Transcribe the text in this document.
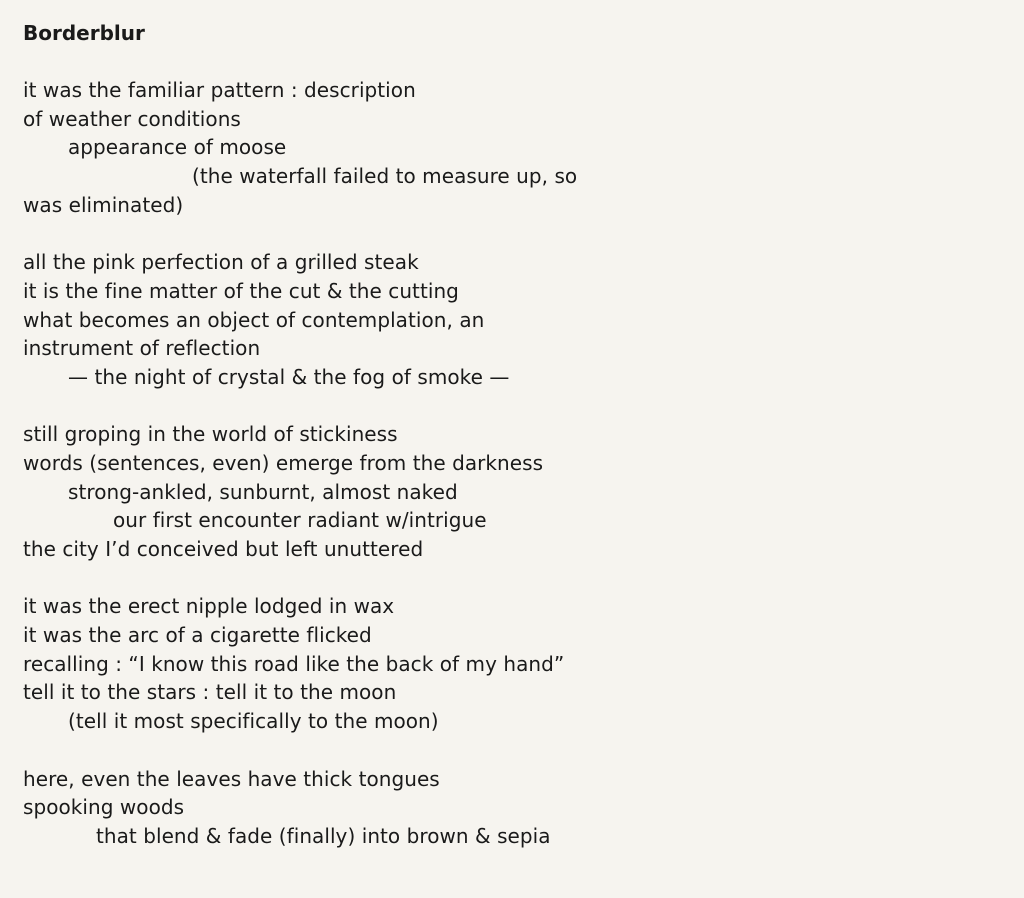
Borderblur
it was the familiar pattern : description
of weather conditions
appearance of moose
(the waterfall failed to measure up, so
was eliminated)
all the pink perfection of a grilled steak
it is the fine matter of the cut & the cutting
what becomes an object of contemplation, an
instrument of reflection
— the night of crystal & the fog of smoke —
still groping in the world of stickiness
words (sentences, even) emerge from the darkness
strong-ankled, sunburnt, almost naked
our first encounter radiant w/intrigue
the city I’d conceived but left unuttered
it was the erect nipple lodged in wax
it was the arc of a cigarette flicked
recalling : “I know this road like the back of my hand”
tell it to the stars : tell it to the moon
(tell it most specifically to the moon)
here, even the leaves have thick tongues
spooking woods
that blend & fade (finally) into brown & sepia
